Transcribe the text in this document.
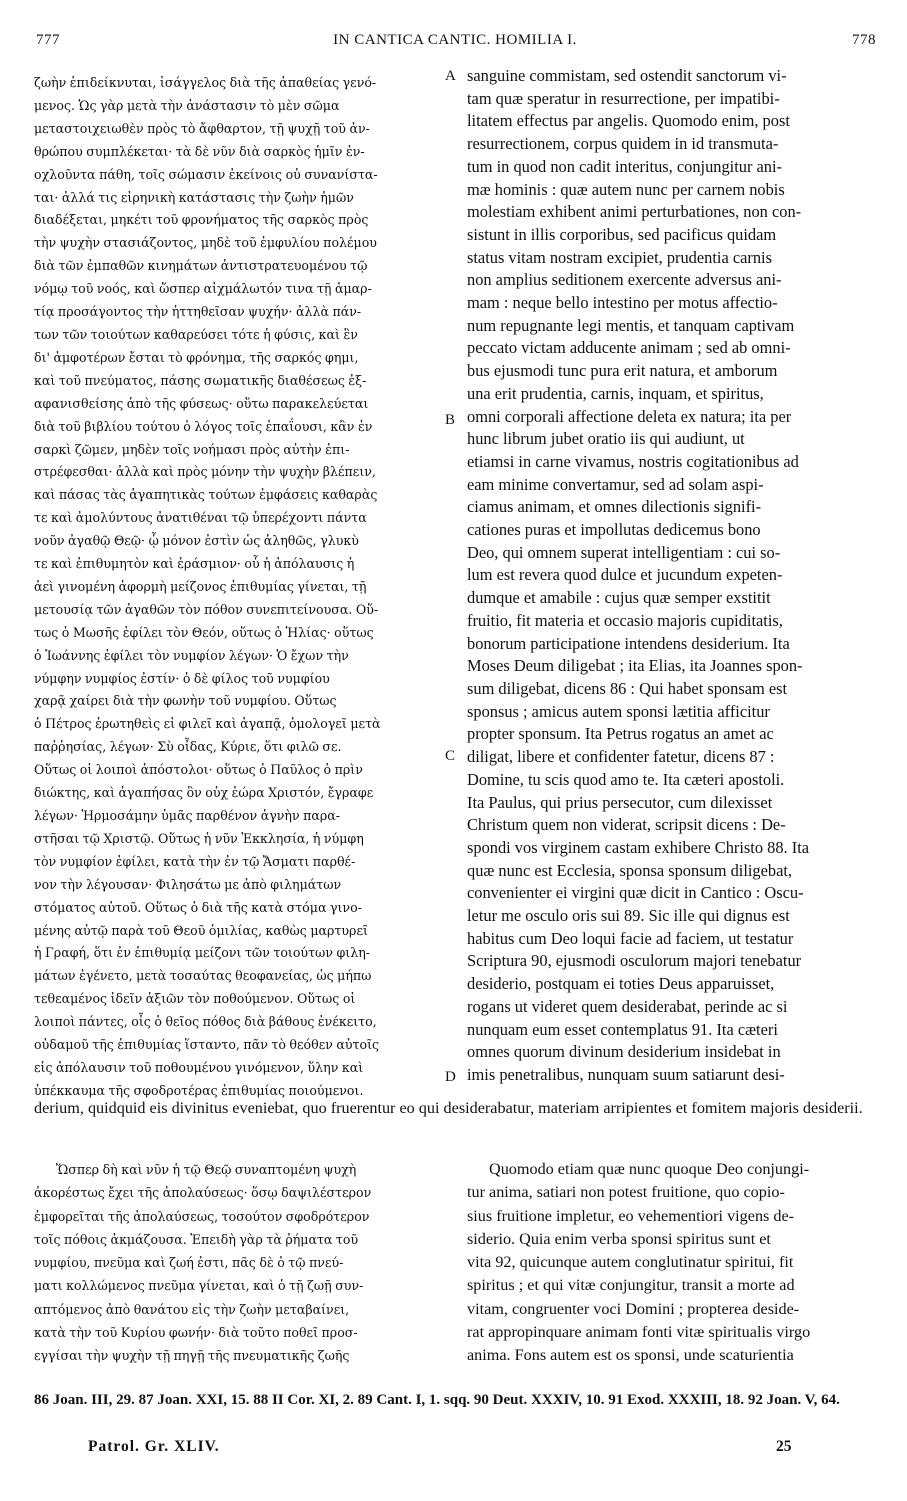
777	IN CANTICA CANTIC. HOMILIA I.	778
ζωὴν ἐπιδείκνυται, ἰσάγγελος διὰ τῆς ἀπαθείας γενό-
μενος. Ὡς γὰρ μετὰ τὴν ἀνάστασιν τὸ μὲν σῶμα
μεταστοιχειωθὲν πρὸς τὸ ἄφθαρτον, τῇ ψυχῇ τοῦ ἀν-
θρώπου συμπλέκεται· τὰ δὲ νῦν διὰ σαρκὸς ἡμῖν ἐν-
οχλοῦντα πάθη, τοῖς σώμασιν ἐκείνοις οὐ συνανίστα-
ται· ἀλλά τις εἰρηνικὴ κατάστασις τὴν ζωὴν ἡμῶν
διαδέξεται, μηκέτι τοῦ φρονήματος τῆς σαρκὸς πρὸς
τὴν ψυχὴν στασιάζοντος, μηδὲ τοῦ ἐμφυλίου πολέμου
διὰ τῶν ἐμπαθῶν κινημάτων ἀντιστρατευομένου τῷ
νόμῳ τοῦ νοός, καὶ ὥσπερ αἰχμάλωτόν τινα τῇ ἁμαρ-
τίᾳ προσάγοντος τὴν ἡττηθεῖσαν ψυχήν· ἀλλὰ πάν-
των τῶν τοιούτων καθαρεύσει τότε ἡ φύσις, καὶ ἓν
δι' ἀμφοτέρων ἔσται τὸ φρόνημα, τῆς σαρκός φημι,
καὶ τοῦ πνεύματος, πάσης σωματικῆς διαθέσεως ἐξ-
αφανισθείσης ἀπὸ τῆς φύσεως· οὕτω παρακελεύεται
διὰ τοῦ βιβλίου τούτου ὁ λόγος τοῖς ἐπαΐουσι, κἂν ἐν
σαρκὶ ζῶμεν, μηδὲν τοῖς νοήμασι πρὸς αὐτὴν ἐπι-
στρέφεσθαι· ἀλλὰ καὶ πρὸς μόνην τὴν ψυχὴν βλέπειν,
καὶ πάσας τὰς ἀγαπητικὰς τούτων ἐμφάσεις καθαρὰς
τε καὶ ἀμολύντους ἀνατιθέναι τῷ ὑπερέχοντι πάντα
νοῦν ἀγαθῷ Θεῷ· ᾧ μόνον ἐστὶν ὡς ἀληθῶς, γλυκὺ
τε καὶ ἐπιθυμητὸν καὶ ἐράσμιον· οὗ ἡ ἀπόλαυσις ἡ
ἀεὶ γινομένη ἀφορμὴ μείζονος ἐπιθυμίας γίνεται, τῇ
μετουσίᾳ τῶν ἀγαθῶν τὸν πόθον συνεπιτείνουσα. Οὕ-
τως ὁ Μωσῆς ἐφίλει τὸν Θεόν, οὕτως ὁ Ἠλίας· οὕτως
ὁ Ἰωάννης ἐφίλει τὸν νυμφίον λέγων· Ὁ ἔχων τὴν
νύμφην νυμφίος ἐστίν· ὁ δὲ φίλος τοῦ νυμφίου
χαρᾷ χαίρει διὰ τὴν φωνὴν τοῦ νυμφίου. Οὕτως
ὁ Πέτρος ἐρωτηθεὶς εἰ φιλεῖ καὶ ἀγαπᾷ, ὁμολογεῖ μετὰ
παῤῥησίας, λέγων· Σὺ οἶδας, Κύριε, ὅτι φιλῶ σε.
Οὕτως οἱ λοιποὶ ἀπόστολοι· οὕτως ὁ Παῦλος ὁ πρὶν
διώκτης, καὶ ἀγαπήσας ὃν οὐχ ἑώρα Χριστόν, ἔγραφε
λέγων· Ἡρμοσάμην ὑμᾶς παρθένον ἁγνὴν παρα-
στῆσαι τῷ Χριστῷ. Οὕτως ἡ νῦν Ἐκκλησία, ἡ νύμφη
τὸν νυμφίον ἐφίλει, κατὰ τὴν ἐν τῷ Ἄσματι παρθέ-
νον τὴν λέγουσαν· Φιλησάτω με ἀπὸ φιλημάτων
στόματος αὐτοῦ. Οὕτως ὁ διὰ τῆς κατὰ στόμα γινο-
μένης αὐτῷ παρὰ τοῦ Θεοῦ ὁμιλίας, καθὼς μαρτυρεῖ
ἡ Γραφή, ὅτι ἐν ἐπιθυμίᾳ μείζονι τῶν τοιούτων φιλη-
μάτων ἐγένετο, μετὰ τοσαύτας θεοφανείας, ὡς μήπω
τεθεαμένος ἰδεῖν ἀξιῶν τὸν ποθούμενον. Οὕτως οἱ
λοιποὶ πάντες, οἷς ὁ θεῖος πόθος διὰ βάθους ἐνέκειτο,
οὐδαμοῦ τῆς ἐπιθυμίας ἵσταντο, πᾶν τὸ θεόθεν αὐτοῖς
εἰς ἀπόλαυσιν τοῦ ποθουμένου γινόμενον, ὕλην καὶ
ὑπέκκαυμα τῆς σφοδροτέρας ἐπιθυμίας ποιούμενοι.
A
B
C
D
sanguine commistam, sed ostendit sanctorum vi-
tam quæ speratur in resurrectione, per impatibi-
litatem effectus par angelis. Quomodo enim, post
resurrectionem, corpus quidem in id transmuta-
tum in quod non cadit interitus, conjungitur ani-
mæ hominis : quæ autem nunc per carnem nobis
molestiam exhibent animi perturbationes, non con-
sistunt in illis corporibus, sed pacificus quidam
status vitam nostram excipiet, prudentia carnis
non amplius seditionem exercente adversus ani-
mam : neque bello intestino per motus affectio-
num repugnante legi mentis, et tanquam captivam
peccato victam adducente animam ; sed ab omni-
bus ejusmodi tunc pura erit natura, et amborum
una erit prudentia, carnis, inquam, et spiritus,
omni corporali affectione deleta ex natura; ita per
hunc librum jubet oratio iis qui audiunt, ut
etiamsi in carne vivamus, nostris cogitationibus ad
eam minime convertamur, sed ad solam aspi-
ciamus animam, et omnes dilectionis signifi-
cationes puras et impollutas dedicemus bono
Deo, qui omnem superat intelligentiam : cui so-
lum est revera quod dulce et jucundum expeten-
dumque et amabile : cujus quæ semper exstitit
fruitio, fit materia et occasio majoris cupiditatis,
bonorum participatione intendens desiderium. Ita
Moses Deum diligebat ; ita Elias, ita Joannes spon-
sum diligebat, dicens 86 : Qui habet sponsam est
sponsus ; amicus autem sponsi lætitia afficitur
propter sponsum. Ita Petrus rogatus an amet ac
diligat, libere et confidenter fatetur, dicens 87 :
Domine, tu scis quod amo te. Ita cæteri apostoli.
Ita Paulus, qui prius persecutor, cum dilexisset
Christum quem non viderat, scripsit dicens : De-
spondi vos virginem castam exhibere Christo 88. Ita
quæ nunc est Ecclesia, sponsa sponsum diligebat,
convenienter ei virgini quæ dicit in Cantico : Oscu-
letur me osculo oris sui 89. Sic ille qui dignus est
habitus cum Deo loqui facie ad faciem, ut testatur
Scriptura 90, ejusmodi osculorum majori tenebatur
desiderio, postquam ei toties Deus apparuisset,
rogans ut videret quem desiderabat, perinde ac si
nunquam eum esset contemplatus 91. Ita cæteri
omnes quorum divinum desiderium insidebat in
imis penetralibus, nunquam suum satiarunt desi-
derium, quidquid eis divinitus eveniebat, quo fruerentur eo qui desiderabatur, materiam arripientes et fomitem majoris desiderii.
Ὥσπερ δὴ καὶ νῦν ἡ τῷ Θεῷ συναπτομένη ψυχὴ
ἀκορέστως ἔχει τῆς ἀπολαύσεως· ὅσῳ δαψιλέστερον
ἐμφορεῖται τῆς ἀπολαύσεως, τοσούτον σφοδρότερον
τοῖς πόθοις ἀκμάζουσα. Ἐπειδὴ γὰρ τὰ ῥήματα τοῦ
νυμφίου, πνεῦμα καὶ ζωή ἐστι, πᾶς δὲ ὁ τῷ πνεύ-
ματι κολλώμενος πνεῦμα γίνεται, καὶ ὁ τῇ ζωῇ συν-
απτόμενος ἀπὸ θανάτου εἰς τὴν ζωὴν μεταβαίνει,
κατὰ τὴν τοῦ Κυρίου φωνήν· διὰ τοῦτο ποθεῖ προσ-
εγγίσαι τὴν ψυχὴν τῇ πηγῇ τῆς πνευματικῆς ζωῆς
Quomodo etiam quæ nunc quoque Deo conjungi-
tur anima, satiari non potest fruitione, quo copio-
sius fruitione impletur, eo vehementiori vigens de-
siderio. Quia enim verba sponsi spiritus sunt et
vita 92, quicunque autem conglutinatur spiritui, fit
spiritus ; et qui vitæ conjungitur, transit a morte ad
vitam, congruenter voci Domini ; propterea deside-
rat appropinquare animam fonti vitæ spiritualis virgo
anima. Fons autem est os sponsi, unde scaturientia
86 Joan. III, 29. 87 Joan. XXI, 15. 88 II Cor. XI, 2. 89 Cant. I, 1. sqq. 90 Deut. XXXIV, 10. 91 Exod. XXXIII, 18. 92 Joan. V, 64.
Patrol. Gr. XLIV.	25
